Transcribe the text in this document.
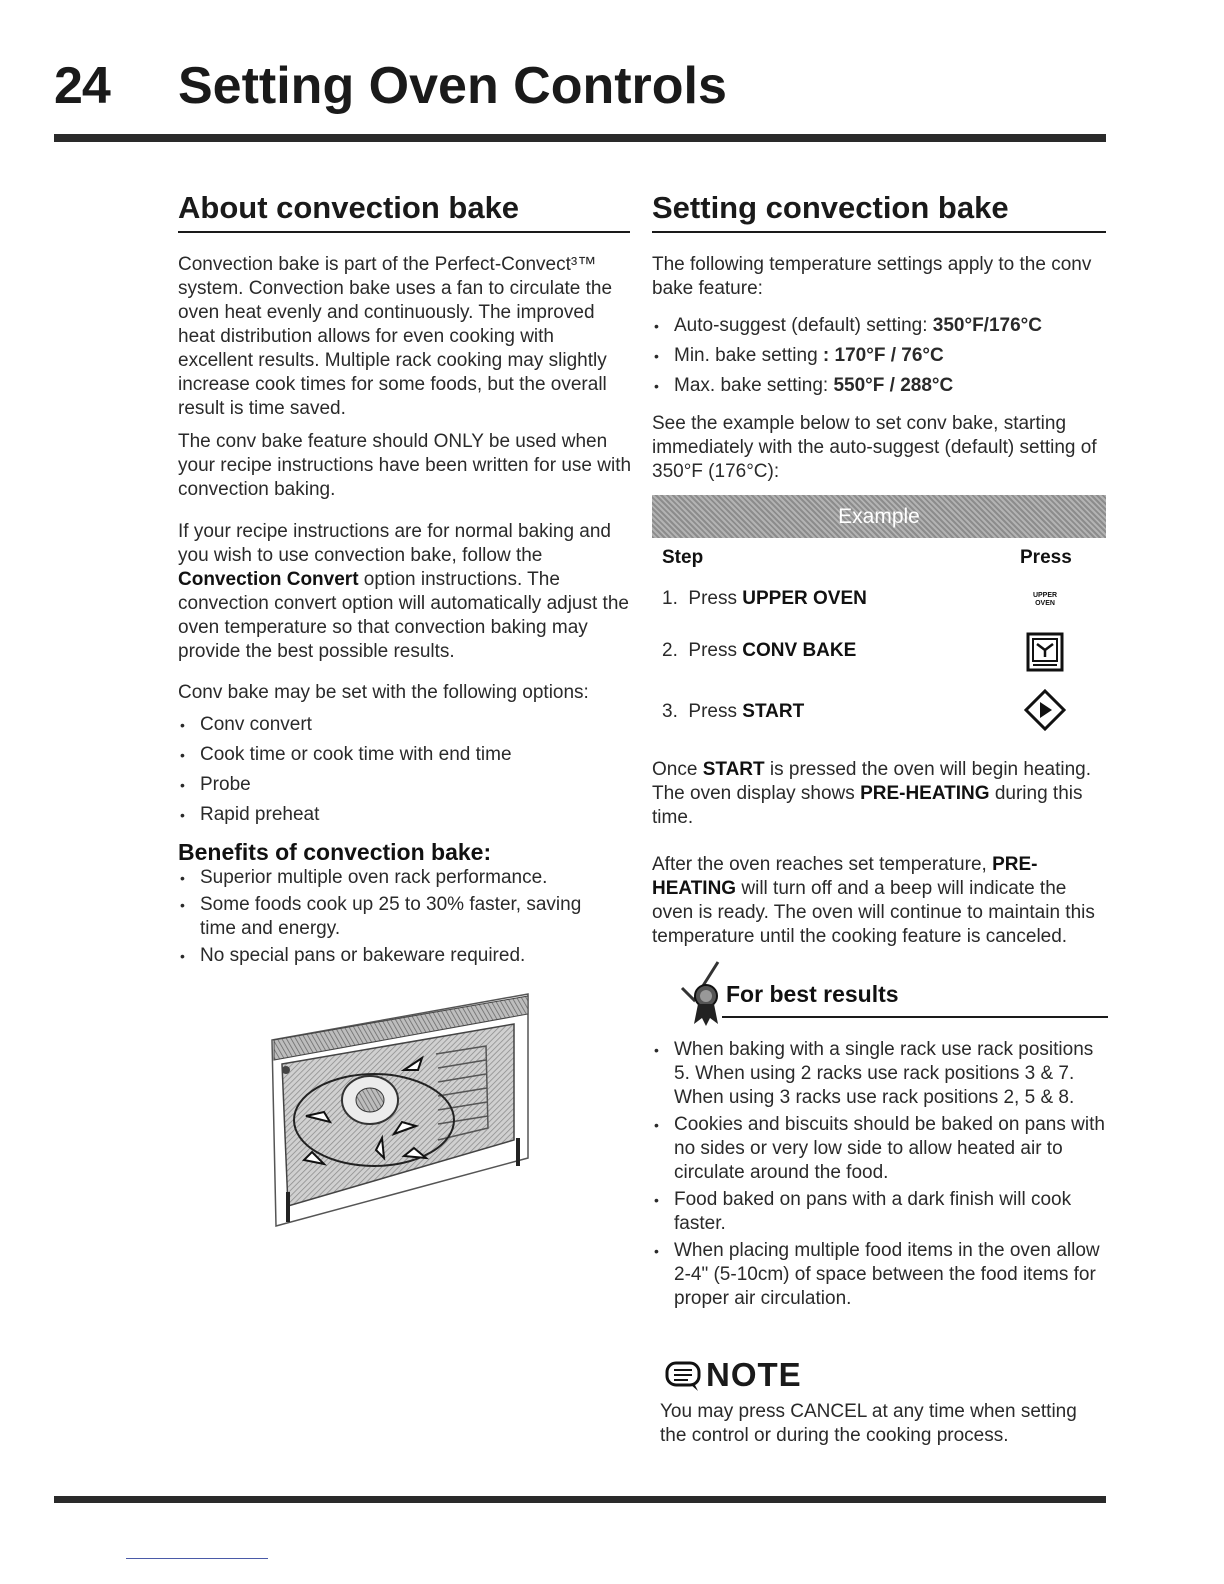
24 Setting Oven Controls
About convection bake
Convection bake is part of the Perfect-Convect³™ system. Convection bake uses a fan to circulate the oven heat evenly and continuously. The improved heat distribution allows for even cooking with excellent results. Multiple rack cooking may slightly increase cook times for some foods, but the overall result is time saved.
The conv bake feature should ONLY be used when your recipe instructions have been written for use with convection baking.
If your recipe instructions are for normal baking and you wish to use convection bake, follow the Convection Convert option instructions. The convection convert option will automatically adjust the oven temperature so that convection baking may provide the best possible results.
Conv bake may be set with the following options:
• Conv convert
• Cook time or cook time with end time
• Probe
• Rapid preheat
Benefits of convection bake:
• Superior multiple oven rack performance.
• Some foods cook up 25 to 30% faster, saving time and energy.
• No special pans or bakeware required.
Setting convection bake
The following temperature settings apply to the conv bake feature:
• Auto-suggest (default) setting: 350°F/176°C
• Min. bake setting : 170°F / 76°C
• Max. bake setting: 550°F / 288°C
See the example below to set conv bake, starting immediately with the auto-suggest (default) setting of 350°F (176°C):
Example
Step	Press
1. Press UPPER OVEN	UPPER
OVEN
2. Press CONV BAKE
3. Press START
Once START is pressed the oven will begin heating. The oven display shows PRE-HEATING during this time.
After the oven reaches set temperature, PRE-HEATING will turn off and a beep will indicate the oven is ready. The oven will continue to maintain this temperature until the cooking feature is canceled.
For best results
• When baking with a single rack use rack positions 5. When using 2 racks use rack positions 3 & 7. When using 3 racks use rack positions 2, 5 & 8.
• Cookies and biscuits should be baked on pans with no sides or very low side to allow heated air to circulate around the food.
• Food baked on pans with a dark finish will cook faster.
• When placing multiple food items in the oven allow 2-4" (5-10cm) of space between the food items for proper air circulation.
NOTE
You may press CANCEL at any time when setting the control or during the cooking process.
